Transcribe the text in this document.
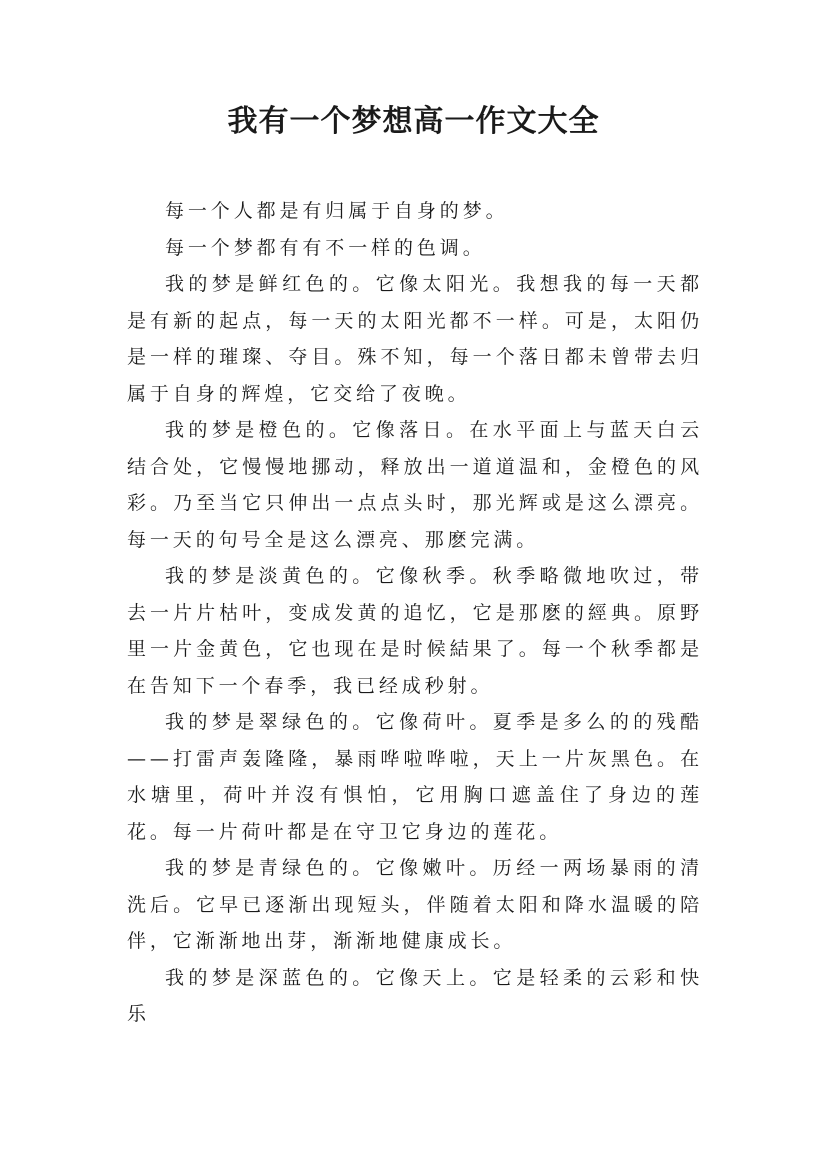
我有一个梦想高一作文大全

每一个人都是有归属于自身的梦。

每一个梦都有有不一样的色调。

我的梦是鲜红色的。它像太阳光。我想我的每一天都是有新的起点，每一天的太阳光都不一样。可是，太阳仍是一样的璀璨、夺目。殊不知，每一个落日都未曾带去归属于自身的辉煌，它交给了夜晚。

我的梦是橙色的。它像落日。在水平面上与蓝天白云结合处，它慢慢地挪动，释放出一道道温和，金橙色的风彩。乃至当它只伸出一点点头时，那光辉或是这么漂亮。每一天的句号全是这么漂亮、那麽完满。

我的梦是淡黄色的。它像秋季。秋季略微地吹过，带去一片片枯叶，变成发黄的追忆，它是那麽的經典。原野里一片金黄色，它也现在是时候結果了。每一个秋季都是在告知下一个春季，我已经成秒射。

我的梦是翠绿色的。它像荷叶。夏季是多么的的残酷——打雷声轰隆隆，暴雨哗啦哗啦，天上一片灰黑色。在水塘里，荷叶并沒有惧怕，它用胸口遮盖住了身边的莲花。每一片荷叶都是在守卫它身边的莲花。

我的梦是青绿色的。它像嫩叶。历经一两场暴雨的清洗后。它早已逐渐出现短头，伴随着太阳和降水温暖的陪伴，它渐渐地出芽，渐渐地健康成长。

我的梦是深蓝色的。它像天上。它是轻柔的云彩和快乐
